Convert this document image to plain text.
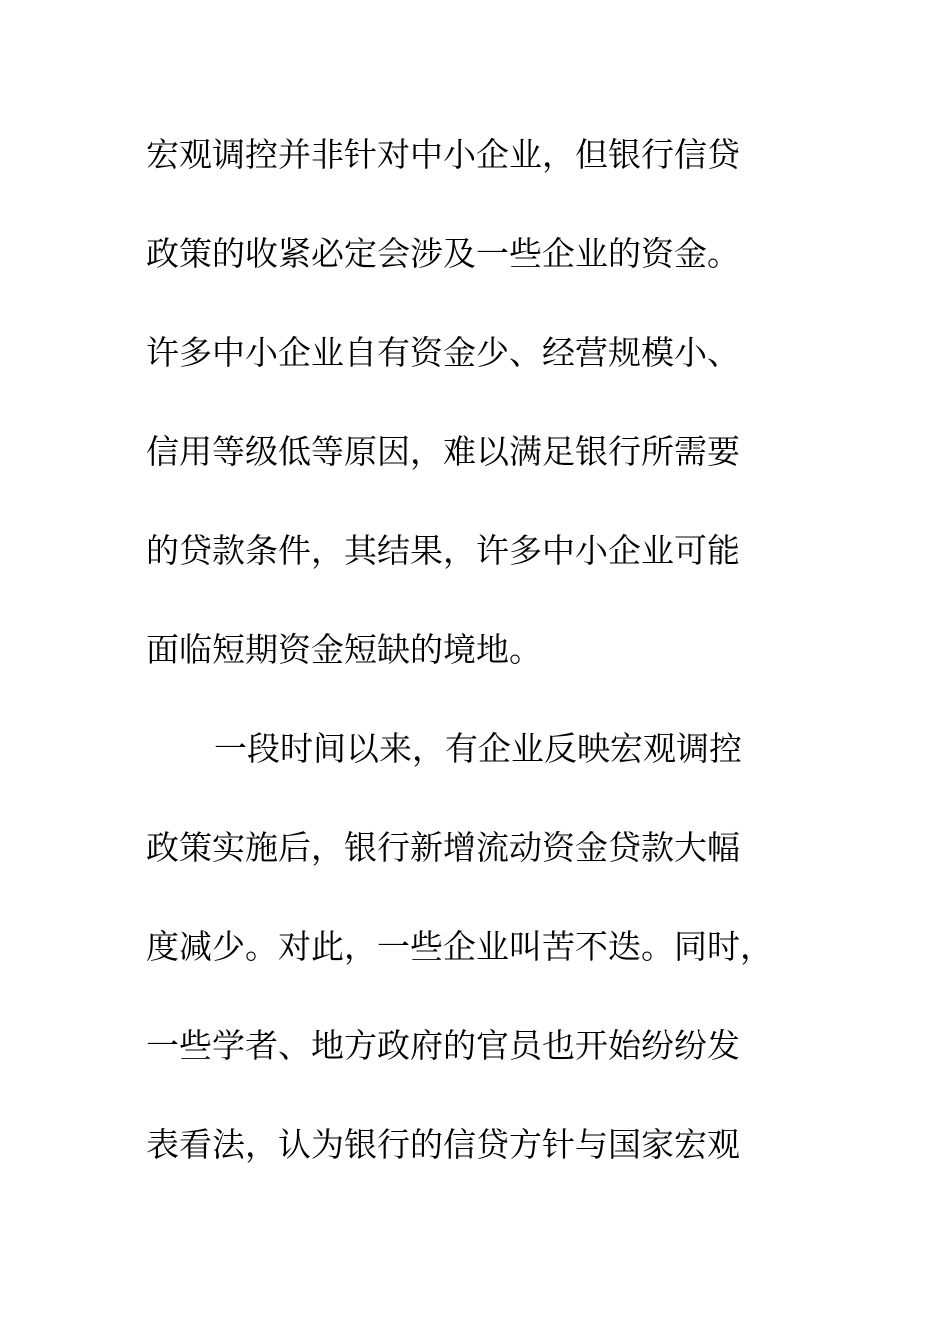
宏观调控并非针对中小企业，但银行信贷
政策的收紧必定会涉及一些企业的资金。
许多中小企业自有资金少、经营规模小、
信用等级低等原因，难以满足银行所需要
的贷款条件，其结果，许多中小企业可能
面临短期资金短缺的境地。
一段时间以来，有企业反映宏观调控
政策实施后，银行新增流动资金贷款大幅
度减少。对此，一些企业叫苦不迭。同时，
一些学者、地方政府的官员也开始纷纷发
表看法，认为银行的信贷方针与国家宏观
